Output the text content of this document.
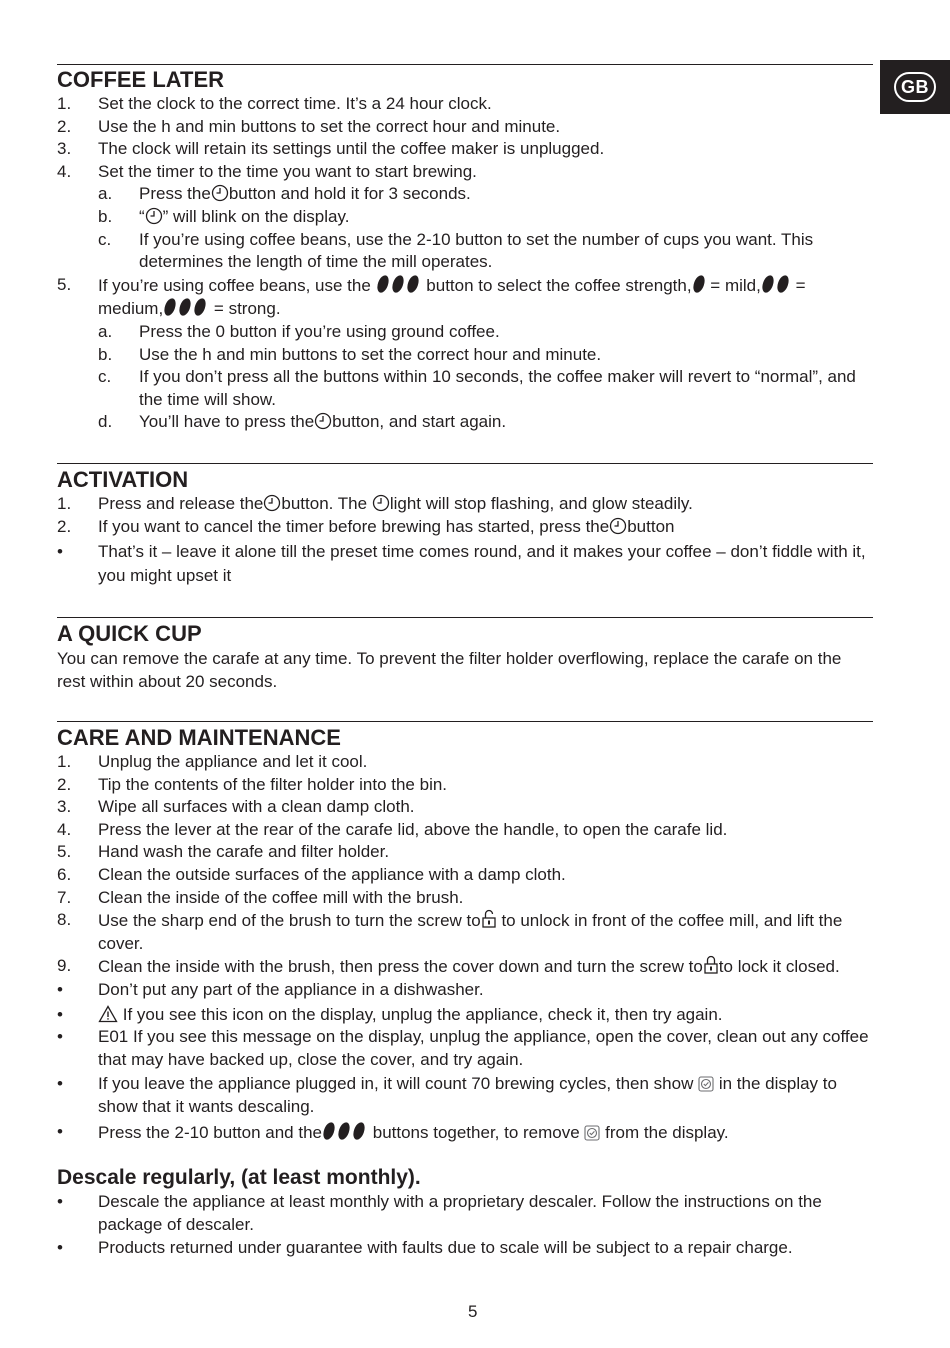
GB
COFFEE LATER
1. Set the clock to the correct time. It’s a 24 hour clock.
2. Use the h and min buttons to set the correct hour and minute.
3. The clock will retain its settings until the coffee maker is unplugged.
4. Set the timer to the time you want to start brewing.
a. Press the button and hold it for 3 seconds.
b. “ ” will blink on the display.
c. If you’re using coffee beans, use the 2-10 button to set the number of cups you want. This determines the length of time the mill operates.
5. If you’re using coffee beans, use the	button to select the coffee strength, = mild, =
medium,	= strong.
a. Press the 0 button if you’re using ground coffee.
b. Use the h and min buttons to set the correct hour and minute.
c. If you don’t press all the buttons within 10 seconds, the coffee maker will revert to “normal”, and the time will show.
d. You’ll have to press the button, and start again.
ACTIVATION
1. Press and release the button. The light will stop flashing, and glow steadily.
2. If you want to cancel the timer before brewing has started, press the button
• That’s it – leave it alone till the preset time comes round, and it makes your coffee – don’t fiddle with it, you might upset it
A QUICK CUP
You can remove the carafe at any time. To prevent the filter holder overflowing, replace the carafe on the rest within about 20 seconds.
CARE AND MAINTENANCE
1. Unplug the appliance and let it cool.
2. Tip the contents of the filter holder into the bin.
3. Wipe all surfaces with a clean damp cloth.
4. Press the lever at the rear of the carafe lid, above the handle, to open the carafe lid.
5. Hand wash the carafe and filter holder.
6. Clean the outside surfaces of the appliance with a damp cloth.
7. Clean the inside of the coffee mill with the brush.
8. Use the sharp end of the brush to turn the screw to to unlock in front of the coffee mill, and lift the cover.
9. Clean the inside with the brush, then press the cover down and turn the screw to to lock it closed.
• Don’t put any part of the appliance in a dishwasher.
•	If you see this icon on the display, unplug the appliance, check it, then try again.
• E01 If you see this message on the display, unplug the appliance, open the cover, clean out any coffee that may have backed up, close the cover, and try again.
• If you leave the appliance plugged in, it will count 70 brewing cycles, then show in the display to show that it wants descaling.
• Press the 2-10 button and the	buttons together, to remove from the display.
Descale regularly, (at least monthly).
• Descale the appliance at least monthly with a proprietary descaler. Follow the instructions on the package of descaler.
• Products returned under guarantee with faults due to scale will be subject to a repair charge.
5
